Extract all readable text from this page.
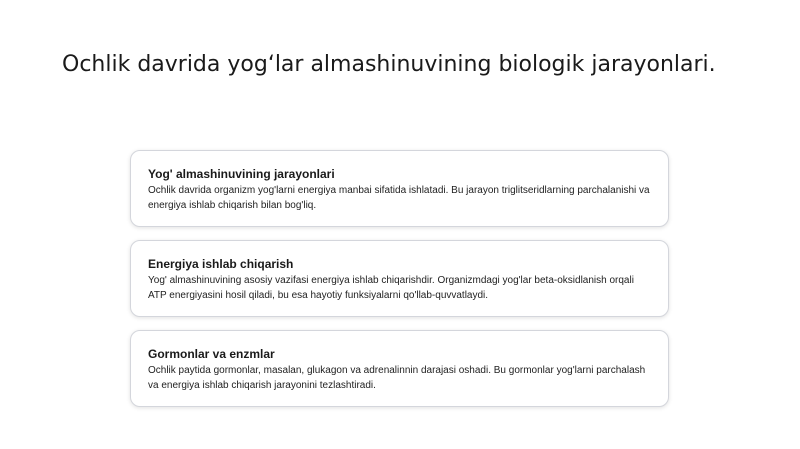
Ochlik davrida yog‘lar almashinuvining biologik jarayonlari.
Yog' almashinuvining jarayonlari

Ochlik davrida organizm yog'larni energiya manbai sifatida ishlatadi. Bu jarayon triglitseridlarning parchalanishi va energiya ishlab chiqarish bilan bog'liq.

Energiya ishlab chiqarish

Yog' almashinuvining asosiy vazifasi energiya ishlab chiqarishdir. Organizmdagi yog'lar beta-oksidlanish orqali ATP energiyasini hosil qiladi, bu esa hayotiy funksiyalarni qo'llab-quvvatlaydi.

Gormonlar va enzmlar

Ochlik paytida gormonlar, masalan, glukagon va adrenalinnin darajasi oshadi. Bu gormonlar yog'larni parchalash va energiya ishlab chiqarish jarayonini tezlashtiradi.
